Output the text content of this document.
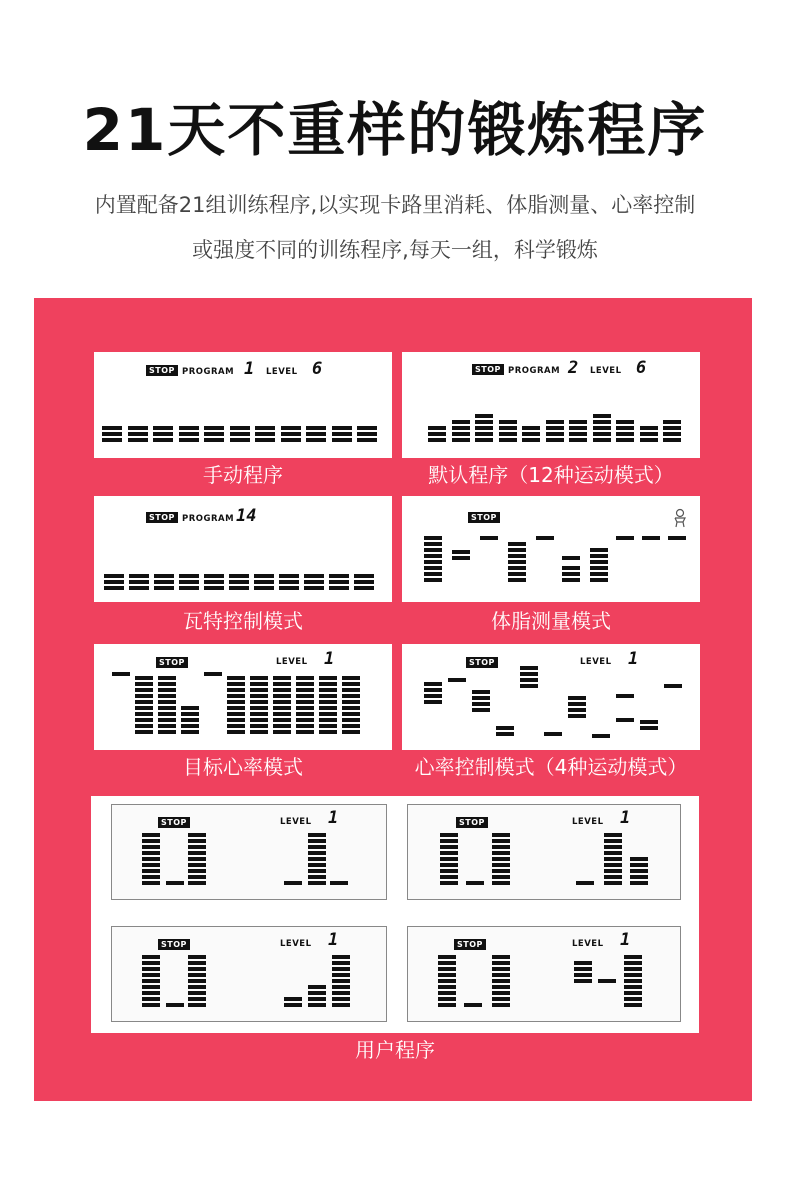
21天不重样的锻炼程序
内置配备21组训练程序,以实现卡路里消耗、体脂测量、心率控制
或强度不同的训练程序,每天一组，科学锻炼
STOP PROGRAM 1 LEVEL 6
手动程序
STOP PROGRAM 2 LEVEL 6
默认程序（12种运动模式）
STOP PROGRAM 14
瓦特控制模式
STOP
体脂测量模式
STOP	LEVEL 1
目标心率模式
STOP	LEVEL 1
心率控制模式（4种运动模式）
STOP	LEVEL 1	STOP	LEVEL 1
STOP	LEVEL 1	STOP	LEVEL 1
用户程序
